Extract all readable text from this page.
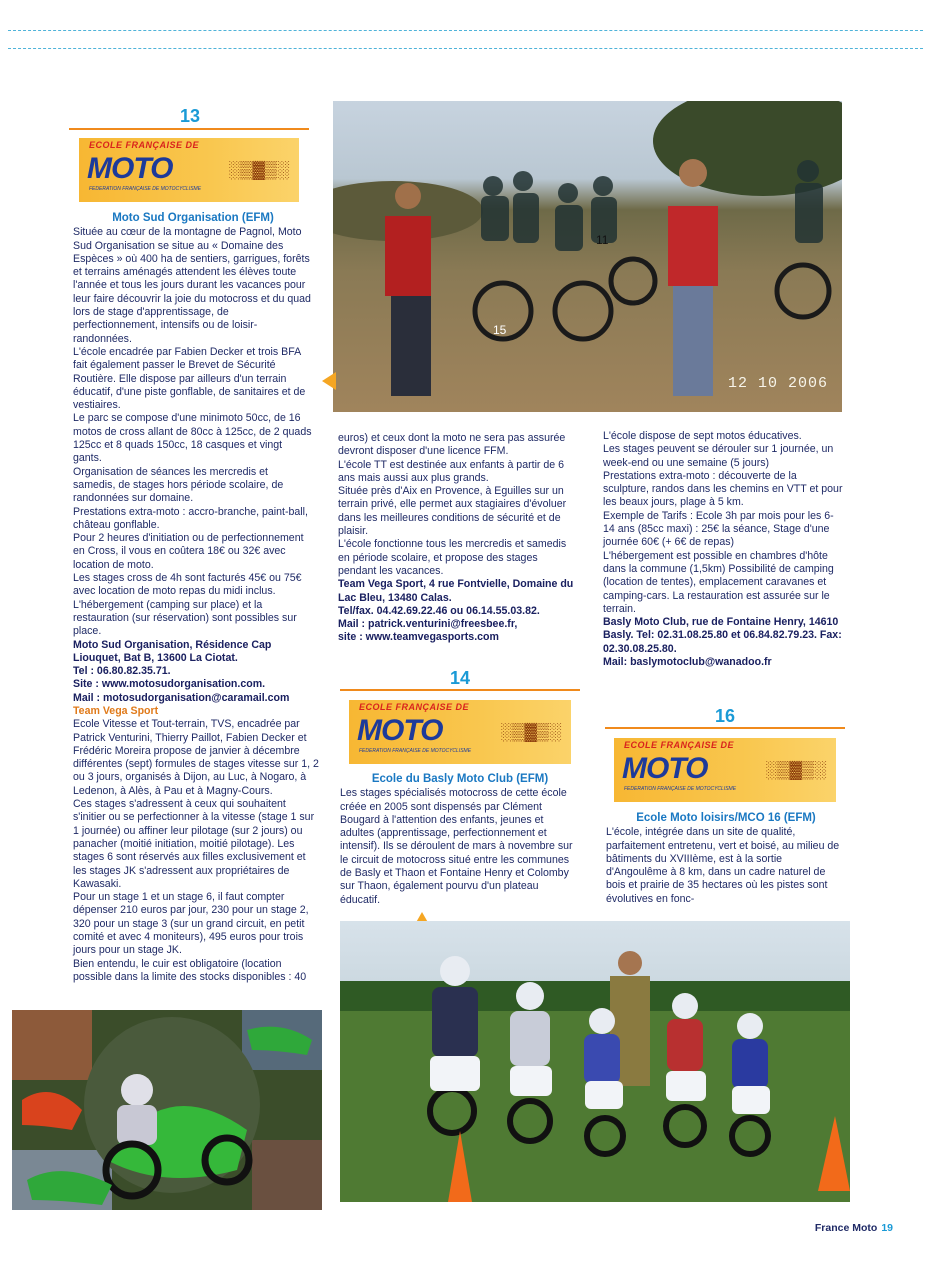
13
ECOLE FRANÇAISE DE
MOTO
FEDERATION FRANÇAISE DE MOTOCYCLISME
░▒▓▒░

Moto Sud Organisation (EFM)

Située au cœur de la montagne de Pagnol, Moto Sud Organisation se situe au « Domaine des Espèces » où 400 ha de sentiers, garrigues, forêts et terrains aménagés attendent les élèves toute l'année et tous les jours durant les vacances pour leur faire découvrir la joie du motocross et du quad lors de stage d'apprentissage, de perfectionnement, intensifs ou de loisir-randonnées.

L'école encadrée par Fabien Decker et trois BFA fait également passer le Brevet de Sécurité Routière. Elle dispose par ailleurs d'un terrain éducatif, d'une piste gonflable, de sanitaires et de vestiaires.

Le parc se compose d'une minimoto 50cc, de 16 motos de cross allant de 80cc à 125cc, de 2 quads 125cc et 8 quads 150cc, 18 casques et vingt gants.

Organisation de séances les mercredis et samedis, de stages hors période scolaire, de randonnées sur domaine.

Prestations extra-moto : accro-branche, paint-ball, château gonflable.

Pour 2 heures d'initiation ou de perfectionnement en Cross, il vous en coûtera 18€ ou 32€ avec location de moto.

Les stages cross de 4h sont facturés 45€ ou 75€ avec location de moto repas du midi inclus.

L'hébergement (camping sur place) et la restauration (sur réservation) sont possibles sur place.

Moto Sud Organisation, Résidence Cap Liouquet, Bat B, 13600 La Ciotat.

Tel : 06.80.82.35.71.

Site : www.motosudorganisation.com.

Mail : motosudorganisation@caramail.com

Team Vega Sport

Ecole Vitesse et Tout-terrain, TVS, encadrée par Patrick Venturini, Thierry Paillot, Fabien Decker et Frédéric Moreira propose de janvier à décembre différentes (sept) formules de stages vitesse sur 1, 2 ou 3 jours, organisés à Dijon, au Luc, à Nogaro, à Ledenon, à Alès, à Pau et à Magny-Cours.

Ces stages s'adressent à ceux qui souhaitent s'initier ou se perfectionner à la vitesse (stage 1 sur 1 journée) ou affiner leur pilotage (sur 2 jours) ou panacher (moitié initiation, moitié pilotage). Les stages 6 sont réservés aux filles exclusivement et les stages JK s'adressent aux propriétaires de Kawasaki.

Pour un stage 1 et un stage 6, il faut compter dépenser 210 euros par jour, 230 pour un stage 2, 320 pour un stage 3 (sur un grand circuit, en petit comité et avec 4 moniteurs), 495 euros pour trois jours pour un stage JK.

Bien entendu, le cuir est obligatoire (location possible dans la limite des stocks disponibles : 40

euros) et ceux dont la moto ne sera pas assurée devront disposer d'une licence FFM.

L'école TT est destinée aux enfants à partir de 6 ans mais aussi aux plus grands.

Située près d'Aix en Provence, à Eguilles sur un terrain privé, elle permet aux stagiaires d'évoluer dans les meilleures conditions de sécurité et de plaisir.

L'école fonctionne tous les mercredis et samedis en période scolaire, et propose des stages pendant les vacances.

Team Vega Sport, 4 rue Fontvielle, Domaine du Lac Bleu, 13480 Calas.

Tel/fax. 04.42.69.22.46 ou 06.14.55.03.82.

Mail : patrick.venturini@freesbee.fr,

site : www.teamvegasports.com

15
11
12 10 2006
14
ECOLE FRANÇAISE DE
MOTO
FEDERATION FRANÇAISE DE MOTOCYCLISME
░▒▓▒░

Ecole du Basly Moto Club (EFM)

Les stages spécialisés motocross de cette école créée en 2005 sont dispensés par Clément Bougard à l'attention des enfants, jeunes et adultes (apprentissage, perfectionnement et intensif). Ils se déroulent de mars à novembre sur le circuit de motocross situé entre les communes de Basly et Thaon et Fontaine Henry et Colomby sur Thaon, également pourvu d'un plateau éducatif.

L'école dispose de sept motos éducatives.

Les stages peuvent se dérouler sur 1 journée, un week-end ou une semaine (5 jours)

Prestations extra-moto : découverte de la sculpture, randos dans les chemins en VTT et pour les beaux jours, plage à 5 km.

Exemple de Tarifs : Ecole 3h par mois pour les 6-14 ans (85cc maxi) : 25€ la séance, Stage d'une journée 60€ (+ 6€ de repas)

L'hébergement est possible en chambres d'hôte dans la commune (1,5km) Possibilité de camping (location de tentes), emplacement caravanes et camping-cars. La restauration est assurée sur le terrain.

Basly Moto Club, rue de Fontaine Henry, 14610 Basly. Tel: 02.31.08.25.80 et 06.84.82.79.23. Fax: 02.30.08.25.80.

Mail: baslymotoclub@wanadoo.fr

16
ECOLE FRANÇAISE DE
MOTO
FEDERATION FRANÇAISE DE MOTOCYCLISME
░▒▓▒░

Ecole Moto loisirs/MCO 16 (EFM)

L'école, intégrée dans un site de qualité, parfaitement entretenu, vert et boisé, au milieu de bâtiments du XVIIIème, est à la sortie d'Angoulême à 8 km, dans un cadre naturel de bois et prairie de 35 hectares où les pistes sont évolutives en fonc-

France Moto 19
